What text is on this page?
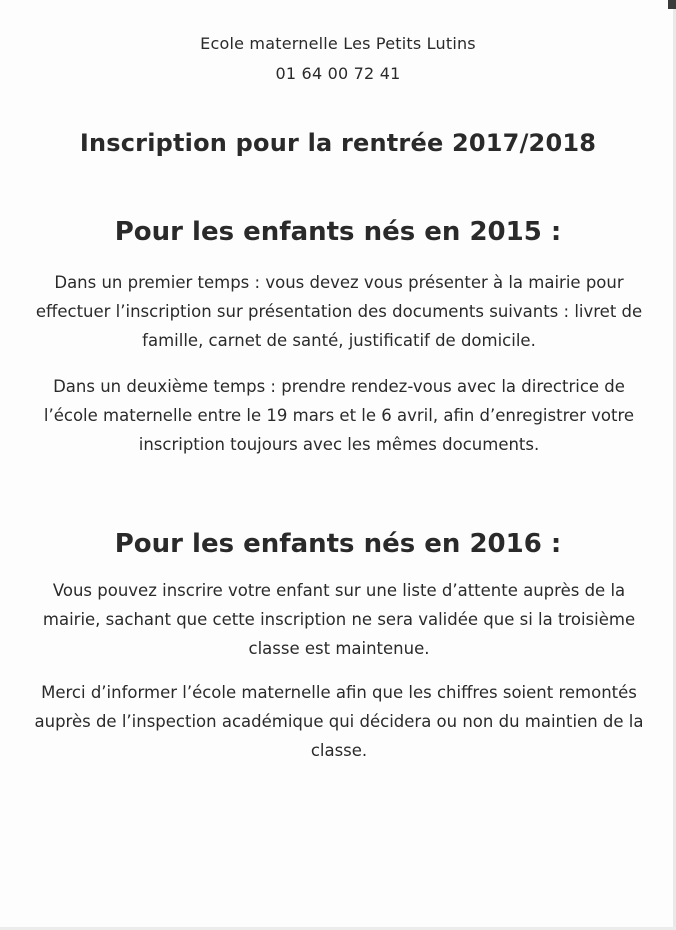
Ecole maternelle Les Petits Lutins
01 64 00 72 41
Inscription pour la rentrée 2017/2018
Pour les enfants nés en 2015 :

Dans un premier temps : vous devez vous présenter à la mairie pour effectuer l’inscription sur présentation des documents suivants : livret de famille, carnet de santé, justificatif de domicile.

Dans un deuxième temps : prendre rendez-vous avec la directrice de l’école maternelle entre le 19 mars et le 6 avril, afin d’enregistrer votre inscription toujours avec les mêmes documents.

Pour les enfants nés en 2016 :

Vous pouvez inscrire votre enfant sur une liste d’attente auprès de la mairie, sachant que cette inscription ne sera validée que si la troisième classe est maintenue.

Merci d’informer l’école maternelle afin que les chiffres soient remontés auprès de l’inspection académique qui décidera ou non du maintien de la classe.
